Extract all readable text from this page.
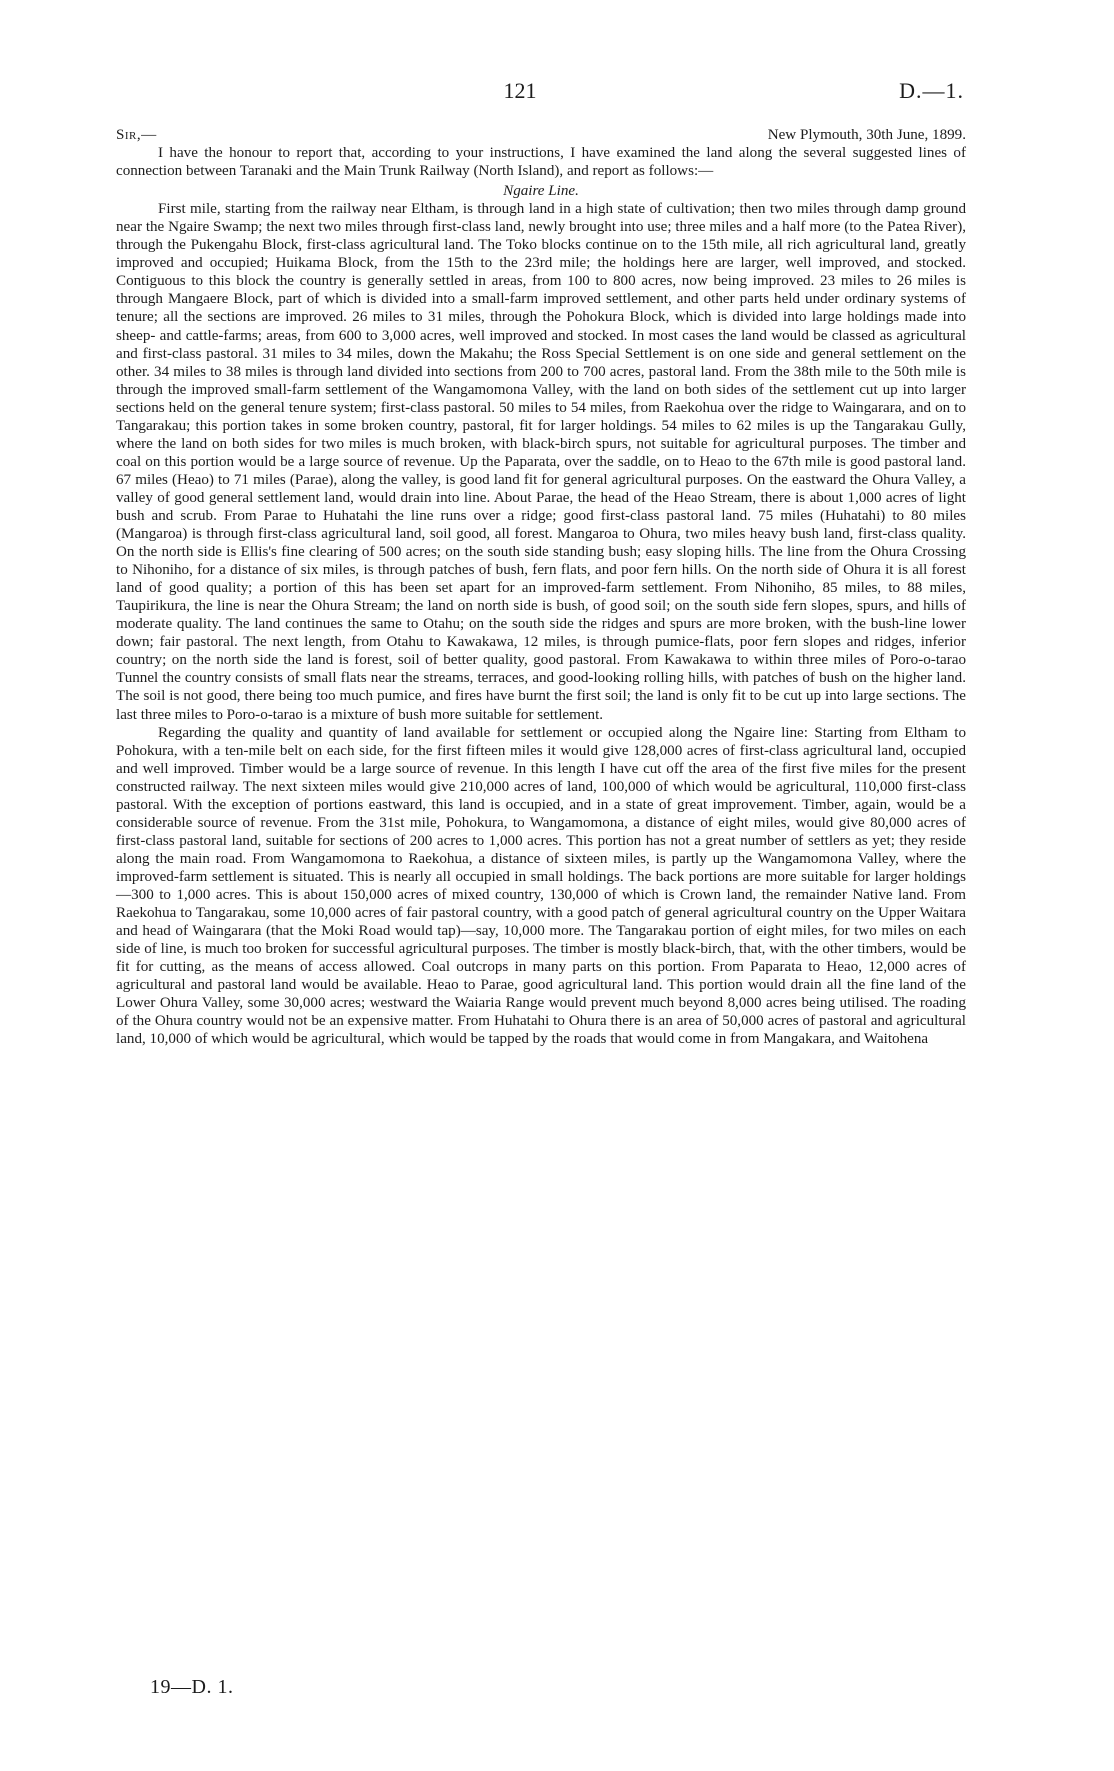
121	D.—1.
Sir,—	New Plymouth, 30th June, 1899.

I have the honour to report that, according to your instructions, I have examined the land along the several suggested lines of connection between Taranaki and the Main Trunk Railway (North Island), and report as follows:—

Ngaire Line.

First mile, starting from the railway near Eltham, is through land in a high state of cultivation; then two miles through damp ground near the Ngaire Swamp; the next two miles through first-class land, newly brought into use; three miles and a half more (to the Patea River), through the Pukengahu Block, first-class agricultural land. The Toko blocks continue on to the 15th mile, all rich agricultural land, greatly improved and occupied; Huikama Block, from the 15th to the 23rd mile; the holdings here are larger, well improved, and stocked. Contiguous to this block the country is generally settled in areas, from 100 to 800 acres, now being improved. 23 miles to 26 miles is through Mangaere Block, part of which is divided into a small-farm improved settlement, and other parts held under ordinary systems of tenure; all the sections are improved. 26 miles to 31 miles, through the Pohokura Block, which is divided into large holdings made into sheep- and cattle-farms; areas, from 600 to 3,000 acres, well improved and stocked. In most cases the land would be classed as agricultural and first-class pastoral. 31 miles to 34 miles, down the Makahu; the Ross Special Settlement is on one side and general settlement on the other. 34 miles to 38 miles is through land divided into sections from 200 to 700 acres, pastoral land. From the 38th mile to the 50th mile is through the improved small-farm settlement of the Wangamomona Valley, with the land on both sides of the settlement cut up into larger sections held on the general tenure system; first-class pastoral. 50 miles to 54 miles, from Raekohua over the ridge to Waingarara, and on to Tangarakau; this portion takes in some broken country, pastoral, fit for larger holdings. 54 miles to 62 miles is up the Tangarakau Gully, where the land on both sides for two miles is much broken, with black-birch spurs, not suitable for agricultural purposes. The timber and coal on this portion would be a large source of revenue. Up the Paparata, over the saddle, on to Heao to the 67th mile is good pastoral land. 67 miles (Heao) to 71 miles (Parae), along the valley, is good land fit for general agricultural purposes. On the eastward the Ohura Valley, a valley of good general settlement land, would drain into line. About Parae, the head of the Heao Stream, there is about 1,000 acres of light bush and scrub. From Parae to Huhatahi the line runs over a ridge; good first-class pastoral land. 75 miles (Huhatahi) to 80 miles (Mangaroa) is through first-class agricultural land, soil good, all forest. Mangaroa to Ohura, two miles heavy bush land, first-class quality. On the north side is Ellis's fine clearing of 500 acres; on the south side standing bush; easy sloping hills. The line from the Ohura Crossing to Nihoniho, for a distance of six miles, is through patches of bush, fern flats, and poor fern hills. On the north side of Ohura it is all forest land of good quality; a portion of this has been set apart for an improved-farm settlement. From Nihoniho, 85 miles, to 88 miles, Taupirikura, the line is near the Ohura Stream; the land on north side is bush, of good soil; on the south side fern slopes, spurs, and hills of moderate quality. The land continues the same to Otahu; on the south side the ridges and spurs are more broken, with the bush-line lower down; fair pastoral. The next length, from Otahu to Kawakawa, 12 miles, is through pumice-flats, poor fern slopes and ridges, inferior country; on the north side the land is forest, soil of better quality, good pastoral. From Kawakawa to within three miles of Poro-o-tarao Tunnel the country consists of small flats near the streams, terraces, and good-looking rolling hills, with patches of bush on the higher land. The soil is not good, there being too much pumice, and fires have burnt the first soil; the land is only fit to be cut up into large sections. The last three miles to Poro-o-tarao is a mixture of bush more suitable for settlement.

Regarding the quality and quantity of land available for settlement or occupied along the Ngaire line: Starting from Eltham to Pohokura, with a ten-mile belt on each side, for the first fifteen miles it would give 128,000 acres of first-class agricultural land, occupied and well improved. Timber would be a large source of revenue. In this length I have cut off the area of the first five miles for the present constructed railway. The next sixteen miles would give 210,000 acres of land, 100,000 of which would be agricultural, 110,000 first-class pastoral. With the exception of portions eastward, this land is occupied, and in a state of great improvement. Timber, again, would be a considerable source of revenue. From the 31st mile, Pohokura, to Wangamomona, a distance of eight miles, would give 80,000 acres of first-class pastoral land, suitable for sections of 200 acres to 1,000 acres. This portion has not a great number of settlers as yet; they reside along the main road. From Wangamomona to Raekohua, a distance of sixteen miles, is partly up the Wangamomona Valley, where the improved-farm settlement is situated. This is nearly all occupied in small holdings. The back portions are more suitable for larger holdings—300 to 1,000 acres. This is about 150,000 acres of mixed country, 130,000 of which is Crown land, the remainder Native land. From Raekohua to Tangarakau, some 10,000 acres of fair pastoral country, with a good patch of general agricultural country on the Upper Waitara and head of Waingarara (that the Moki Road would tap)—say, 10,000 more. The Tangarakau portion of eight miles, for two miles on each side of line, is much too broken for successful agricultural purposes. The timber is mostly black-birch, that, with the other timbers, would be fit for cutting, as the means of access allowed. Coal outcrops in many parts on this portion. From Paparata to Heao, 12,000 acres of agricultural and pastoral land would be available. Heao to Parae, good agricultural land. This portion would drain all the fine land of the Lower Ohura Valley, some 30,000 acres; westward the Waiaria Range would prevent much beyond 8,000 acres being utilised. The roading of the Ohura country would not be an expensive matter. From Huhatahi to Ohura there is an area of 50,000 acres of pastoral and agricultural land, 10,000 of which would be agricultural, which would be tapped by the roads that would come in from Mangakara, and Waitohena

19—D. 1.
